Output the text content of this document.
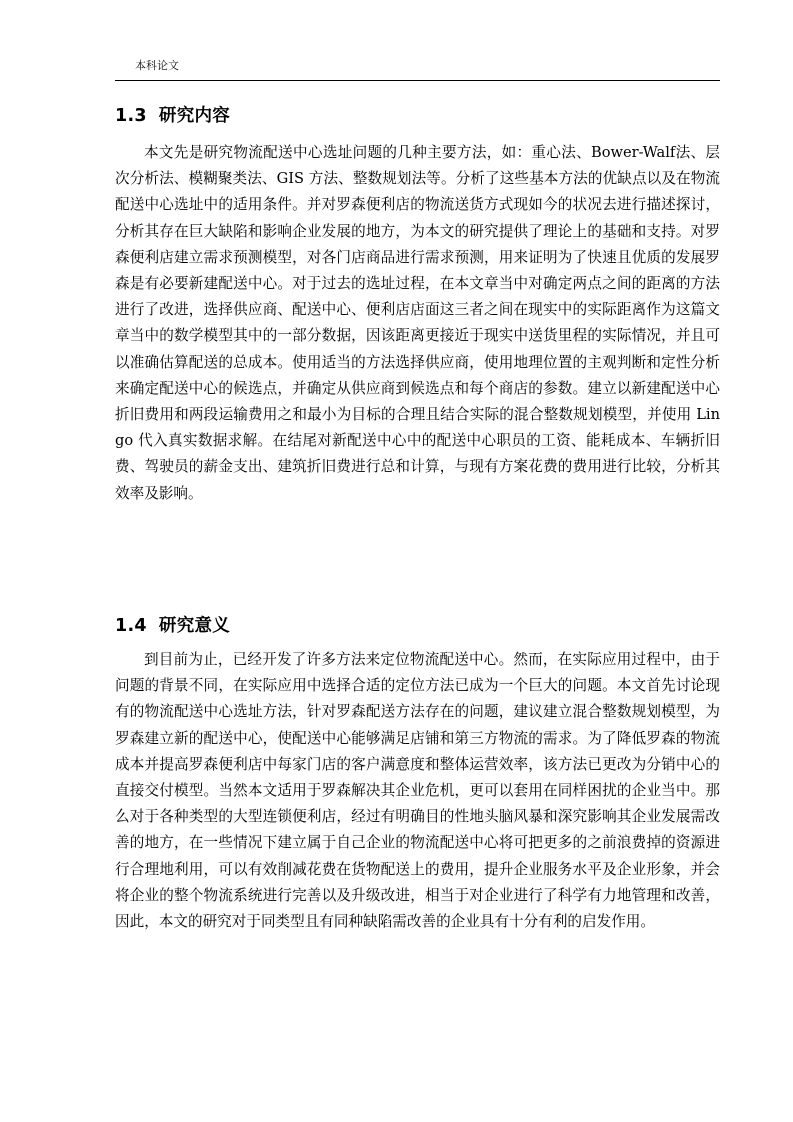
本科论文
1.3 研究内容

本文先是研究物流配送中心选址问题的几种主要方法，如：重心法、Bower-Walf法、层次分析法、模糊聚类法、GIS 方法、整数规划法等。分析了这些基本方法的优缺点以及在物流配送中心选址中的适用条件。并对罗森便利店的物流送货方式现如今的状况去进行描述探讨，分析其存在巨大缺陷和影响企业发展的地方，为本文的研究提供了理论上的基础和支持。对罗森便利店建立需求预测模型，对各门店商品进行需求预测，用来证明为了快速且优质的发展罗森是有必要新建配送中心。对于过去的选址过程，在本文章当中对确定两点之间的距离的方法进行了改进，选择供应商、配送中心、便利店店面这三者之间在现实中的实际距离作为这篇文章当中的数学模型其中的一部分数据，因该距离更接近于现实中送货里程的实际情况，并且可以准确估算配送的总成本。使用适当的方法选择供应商，使用地理位置的主观判断和定性分析来确定配送中心的候选点，并确定从供应商到候选点和每个商店的参数。建立以新建配送中心折旧费用和两段运输费用之和最小为目标的合理且结合实际的混合整数规划模型，并使用 Lingo 代入真实数据求解。在结尾对新配送中心中的配送中心职员的工资、能耗成本、车辆折旧费、驾驶员的薪金支出、建筑折旧费进行总和计算，与现有方案花费的费用进行比较，分析其效率及影响。

1.4 研究意义

到目前为止，已经开发了许多方法来定位物流配送中心。然而，在实际应用过程中，由于问题的背景不同，在实际应用中选择合适的定位方法已成为一个巨大的问题。本文首先讨论现有的物流配送中心选址方法，针对罗森配送方法存在的问题，建议建立混合整数规划模型，为罗森建立新的配送中心，使配送中心能够满足店铺和第三方物流的需求。为了降低罗森的物流成本并提高罗森便利店中每家门店的客户满意度和整体运营效率，该方法已更改为分销中心的直接交付模型。当然本文适用于罗森解决其企业危机，更可以套用在同样困扰的企业当中。那么对于各种类型的大型连锁便利店，经过有明确目的性地头脑风暴和深究影响其企业发展需改善的地方，在一些情况下建立属于自己企业的物流配送中心将可把更多的之前浪费掉的资源进行合理地利用，可以有效削减花费在货物配送上的费用，提升企业服务水平及企业形象，并会将企业的整个物流系统进行完善以及升级改进，相当于对企业进行了科学有力地管理和改善，因此，本文的研究对于同类型且有同种缺陷需改善的企业具有十分有利的启发作用。
